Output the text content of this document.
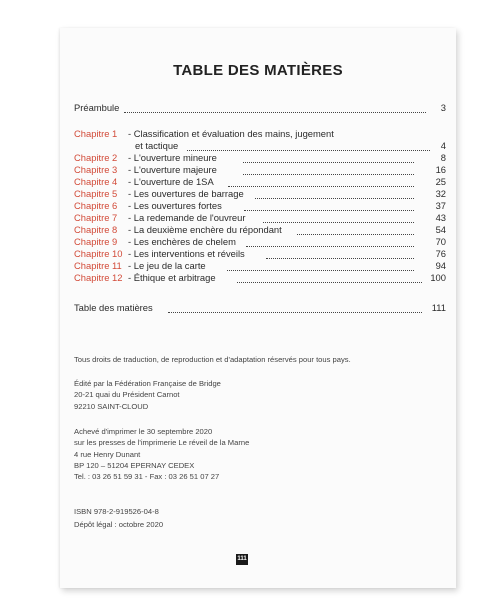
TABLE DES MATIÈRES
Préambule	3
Chapitre 1 - Classification et évaluation des mains, jugement
et tactique	4
Chapitre 2 - L'ouverture mineure	8
Chapitre 3 - L'ouverture majeure	16
Chapitre 4 - L'ouverture de 1SA	25
Chapitre 5 - Les ouvertures de barrage	32
Chapitre 6 - Les ouvertures fortes	37
Chapitre 7 - La redemande de l'ouvreur	43
Chapitre 8 - La deuxième enchère du répondant	54
Chapitre 9 - Les enchères de chelem	70
Chapitre 10 - Les interventions et réveils	76
Chapitre 11 - Le jeu de la carte	94
Chapitre 12 - Éthique et arbitrage	100
Table des matières	111
Tous droits de traduction, de reproduction et d'adaptation réservés pour tous pays.
Édité par la Fédération Française de Bridge
20-21 quai du Président Carnot
92210 SAINT-CLOUD
Achevé d'imprimer le 30 septembre 2020
sur les presses de l'imprimerie Le réveil de la Marne
4 rue Henry Dunant
BP 120 – 51204 EPERNAY CEDEX
Tel. : 03 26 51 59 31 - Fax : 03 26 51 07 27
ISBN 978-2-919526-04-8
Dépôt légal : octobre 2020
111
